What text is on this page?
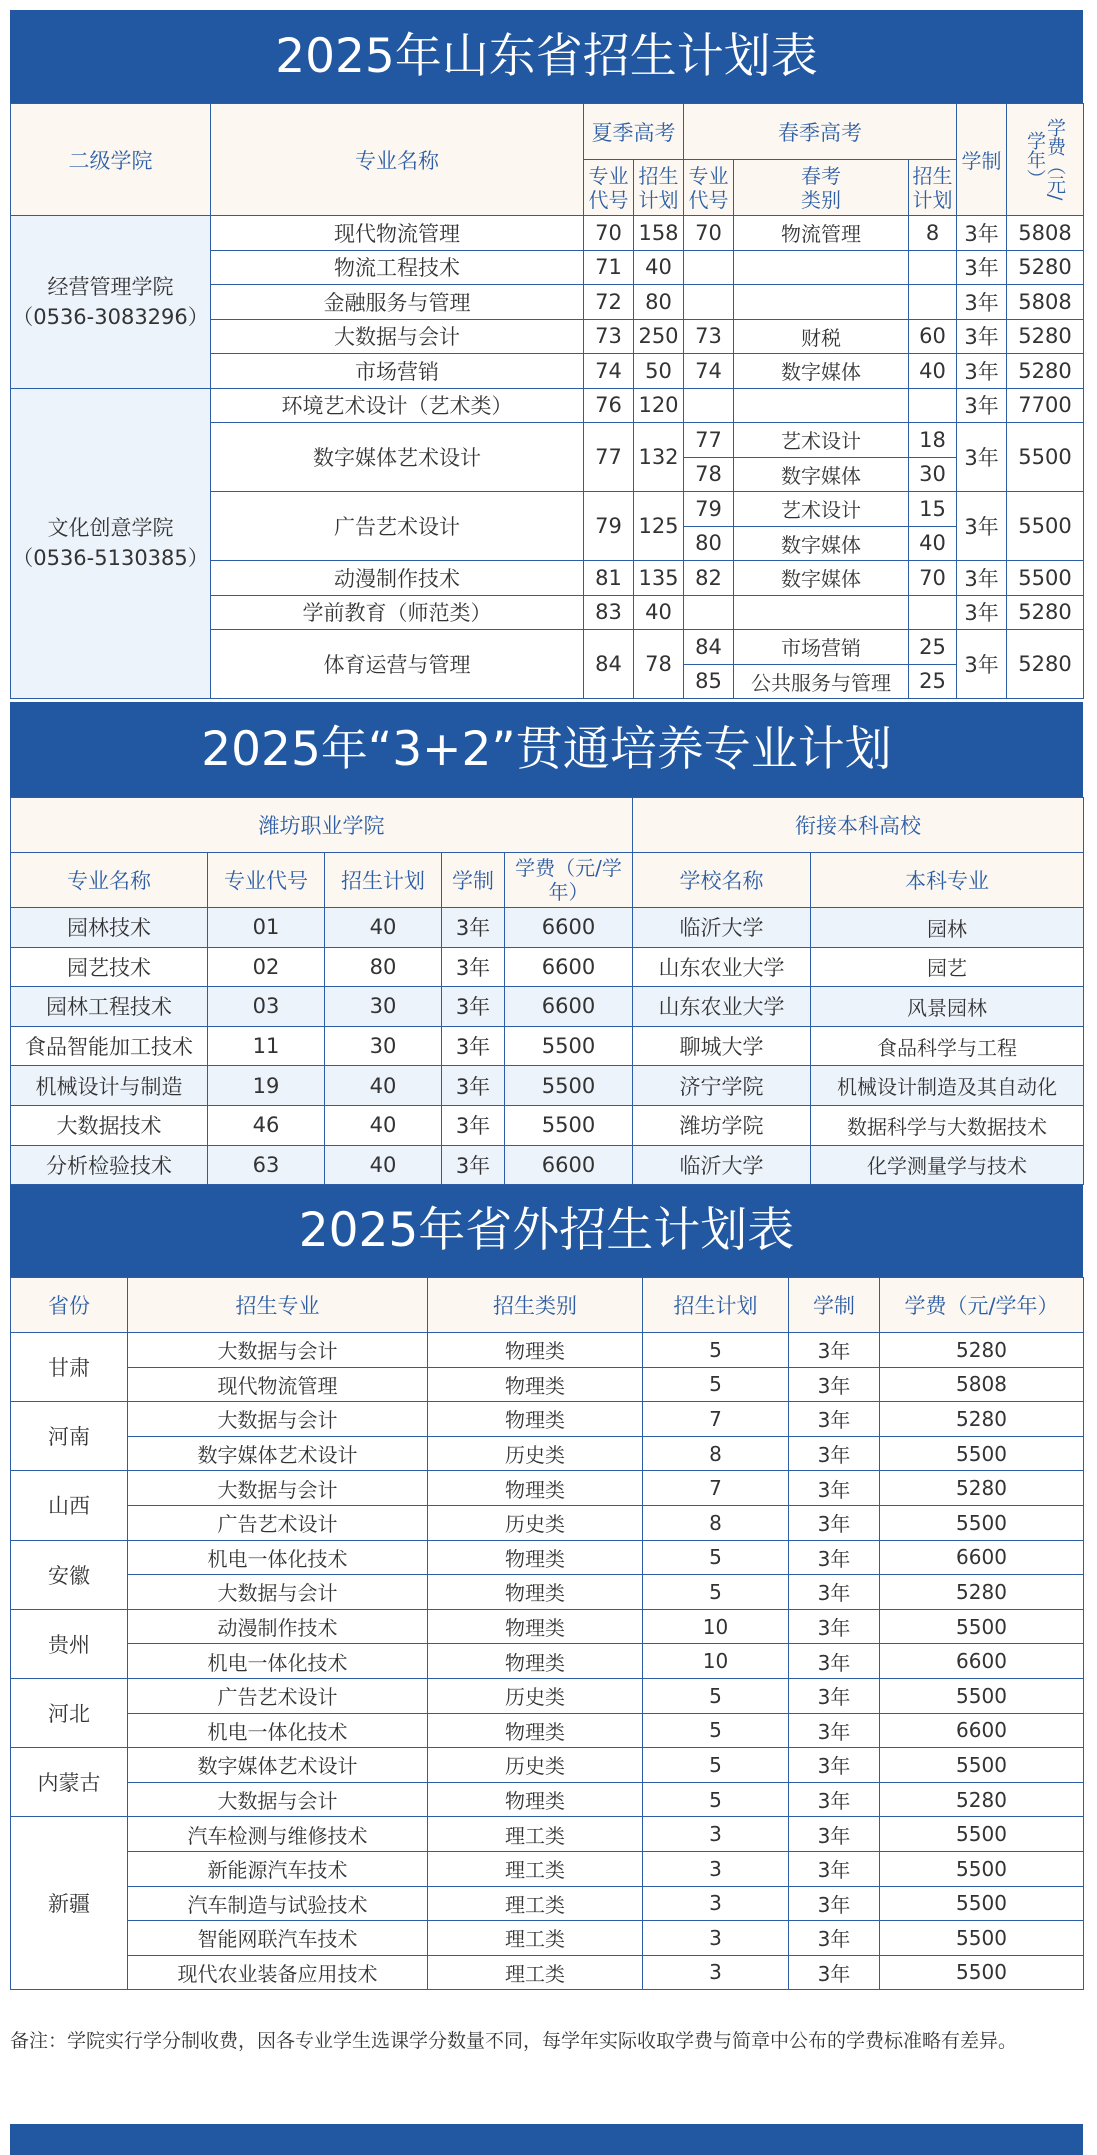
2025年山东省招生计划表
二级学院	专业名称	夏季高考		春季高考			学制	学费（元/学年）

		专业代号	招生计划	专业代号	春考类别	招生计划		

经营管理学院
（0536-3083296）	现代物流管理	70	158	70	物流管理	8	3年	5808
	物流工程技术	71	40				3年	5280
	金融服务与管理	72	80				3年	5808
	大数据与会计	73	250	73	财税	60	3年	5280
	市场营销	74	50	74	数字媒体	40	3年	5280

文化创意学院
（0536-5130385）	环境艺术设计（艺术类）	76	120				3年	7700
	数字媒体艺术设计	77	132	77	艺术设计	18	3年	5500
				78	数字媒体	30		
	广告艺术设计	79	125	79	艺术设计	15	3年	5500
				80	数字媒体	40		
	动漫制作技术	81	135	82	数字媒体	70	3年	5500
	学前教育（师范类）	83	40				3年	5280
	体育运营与管理	84	78	84	市场营销	25	3年	5280
				85	公共服务与管理	25		
2025年“3+2”贯通培养专业计划
潍坊职业学院					衔接本科高校	
专业名称	专业代号	招生计划	学制	学费（元/学年）	学校名称	本科专业
园林技术	01	40	3年	6600	临沂大学	园林
园艺技术	02	80	3年	6600	山东农业大学	园艺
园林工程技术	03	30	3年	6600	山东农业大学	风景园林
食品智能加工技术	11	30	3年	5500	聊城大学	食品科学与工程
机械设计与制造	19	40	3年	5500	济宁学院	机械设计制造及其自动化
大数据技术	46	40	3年	5500	潍坊学院	数据科学与大数据技术
分析检验技术	63	40	3年	6600	临沂大学	化学测量学与技术
2025年省外招生计划表
省份	招生专业	招生类别	招生计划	学制	学费（元/学年）
甘肃	大数据与会计	物理类	5	3年	5280
	现代物流管理	物理类	5	3年	5808
河南	大数据与会计	物理类	7	3年	5280
	数字媒体艺术设计	历史类	8	3年	5500
山西	大数据与会计	物理类	7	3年	5280
	广告艺术设计	历史类	8	3年	5500
安徽	机电一体化技术	物理类	5	3年	6600
	大数据与会计	物理类	5	3年	5280
贵州	动漫制作技术	物理类	10	3年	5500
	机电一体化技术	物理类	10	3年	6600
河北	广告艺术设计	历史类	5	3年	5500
	机电一体化技术	物理类	5	3年	6600
内蒙古	数字媒体艺术设计	历史类	5	3年	5500
	大数据与会计	物理类	5	3年	5280
新疆	汽车检测与维修技术	理工类	3	3年	5500
	新能源汽车技术	理工类	3	3年	5500
	汽车制造与试验技术	理工类	3	3年	5500
	智能网联汽车技术	理工类	3	3年	5500
	现代农业装备应用技术	理工类	3	3年	5500
备注：学院实行学分制收费，因各专业学生选课学分数量不同，每学年实际收取学费与简章中公布的学费标准略有差异。
